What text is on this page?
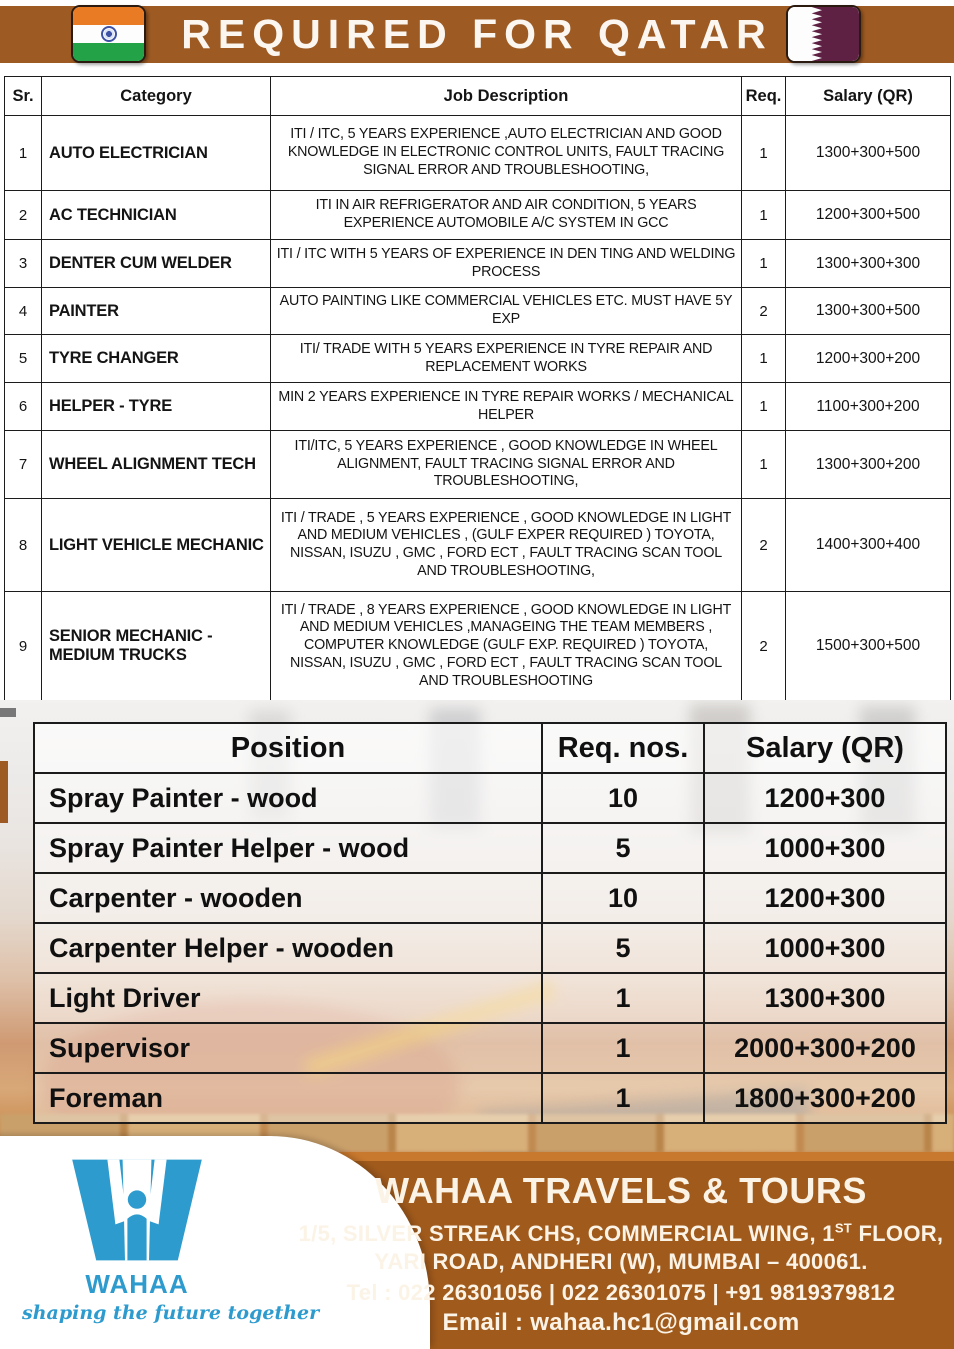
REQUIRED FOR QATAR
Sr.	Category	Job Description	Req.	Salary (QR)
1	AUTO ELECTRICIAN	ITI / ITC, 5 YEARS EXPERIENCE ,AUTO ELECTRICIAN AND GOOD KNOWLEDGE IN ELECTRONIC CONTROL UNITS, FAULT TRACING SIGNAL ERROR AND TROUBLESHOOTING,	1	1300+300+500
2	AC TECHNICIAN	ITI IN AIR REFRIGERATOR AND AIR CONDITION, 5 YEARS EXPERIENCE AUTOMOBILE A/C SYSTEM IN GCC	1	1200+300+500
3	DENTER CUM WELDER	ITI / ITC WITH 5 YEARS OF EXPERIENCE IN DEN TING AND WELDING PROCESS	1	1300+300+300
4	PAINTER	AUTO PAINTING LIKE COMMERCIAL VEHICLES ETC. MUST HAVE 5Y EXP	2	1300+300+500
5	TYRE CHANGER	ITI/ TRADE WITH 5 YEARS EXPERIENCE IN TYRE REPAIR AND REPLACEMENT WORKS	1	1200+300+200
6	HELPER - TYRE	MIN 2 YEARS EXPERIENCE IN TYRE REPAIR WORKS / MECHANICAL HELPER	1	1100+300+200
7	WHEEL ALIGNMENT TECH	ITI/ITC, 5 YEARS EXPERIENCE , GOOD KNOWLEDGE IN WHEEL ALIGNMENT, FAULT TRACING SIGNAL ERROR AND TROUBLESHOOTING,	1	1300+300+200
8	LIGHT VEHICLE MECHANIC	ITI / TRADE , 5 YEARS EXPERIENCE , GOOD KNOWLEDGE IN LIGHT AND MEDIUM VEHICLES , (GULF EXPER REQUIRED ) TOYOTA, NISSAN, ISUZU , GMC , FORD ECT , FAULT TRACING SCAN TOOL AND TROUBLESHOOTING,	2	1400+300+400
9	SENIOR MECHANIC - MEDIUM TRUCKS	ITI / TRADE , 8 YEARS EXPERIENCE , GOOD KNOWLEDGE IN LIGHT AND MEDIUM VEHICLES ,MANAGEING THE TEAM MEMBERS , COMPUTER KNOWLEDGE (GULF EXP. REQUIRED ) TOYOTA, NISSAN, ISUZU , GMC , FORD ECT , FAULT TRACING SCAN TOOL AND TROUBLESHOOTING	2	1500+300+500
Position	Req. nos.	Salary (QR)
Spray Painter - wood	10	1200+300
Spray Painter Helper - wood	5	1000+300
Carpenter - wooden	10	1200+300
Carpenter Helper - wooden	5	1000+300
Light Driver	1	1300+300
Supervisor	1	2000+300+200
Foreman	1	1800+300+200
WAHAA
shaping the future together
WAHAA TRAVELS & TOURS
1/5, SILVER STREAK CHS, COMMERCIAL WING, 1ST FLOOR,
YARI ROAD, ANDHERI (W), MUMBAI – 400061.
Tel : 022 26301056 | 022 26301075 | +91 9819379812
Email : wahaa.hc1@gmail.com
